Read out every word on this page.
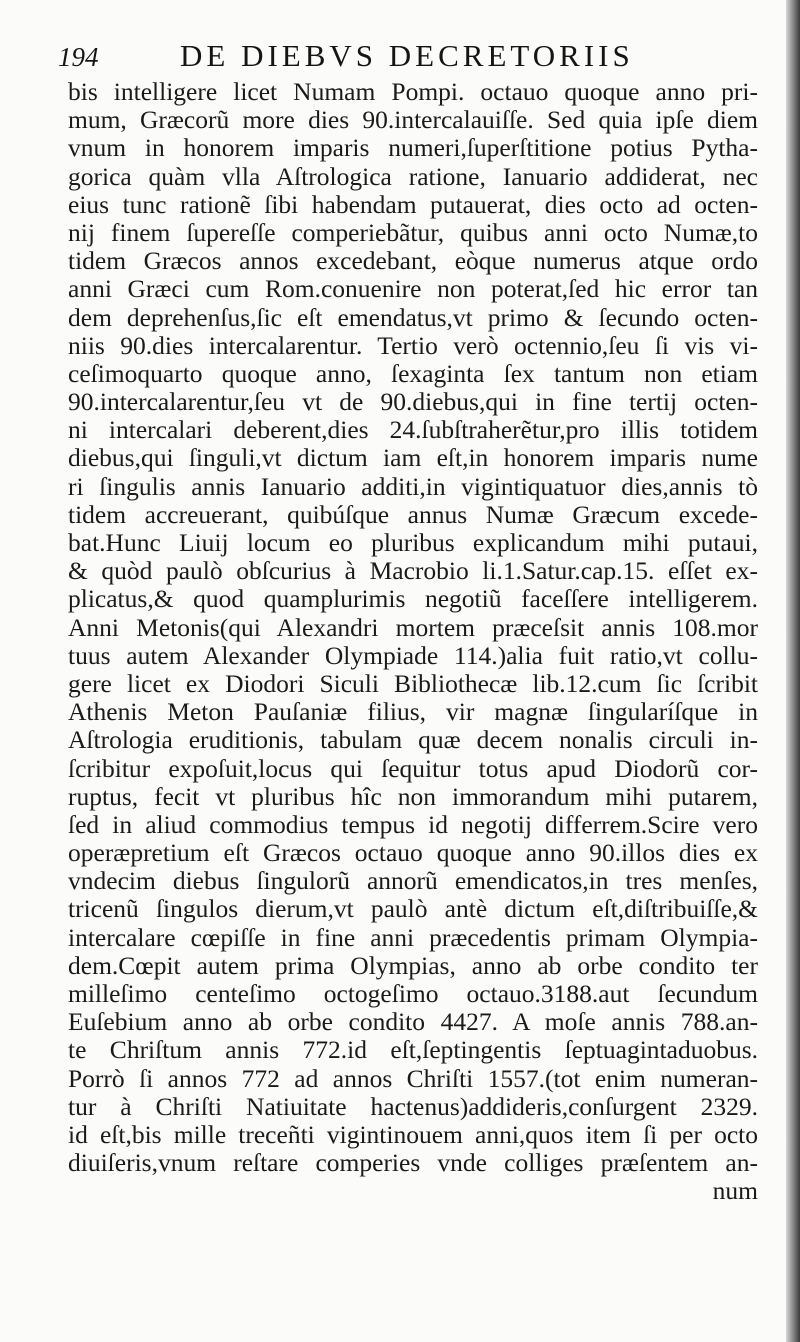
194	DE DIEBVS DECRETORIIS
bis intelligere licet Numam Pompi. octauo quoque anno pri-
mum, Græcorũ more dies 90.intercalauiſſe. Sed quia ipſe diem
vnum in honorem imparis numeri,ſuperſtitione potius Pytha-
gorica quàm vlla Aſtrologica ratione, Ianuario addiderat, nec
eius tunc rationẽ ſibi habendam putauerat, dies octo ad octen-
nij finem ſupereſſe comperiebãtur, quibus anni octo Numæ,to
tidem Græcos annos excedebant, eòque numerus atque ordo
anni Græci cum Rom.conuenire non poterat,ſed hic error tan
dem deprehenſus,ſic eſt emendatus,vt primo & ſecundo octen-
niis 90.dies intercalarentur. Tertio verò octennio,ſeu ſi vis vi-
ceſimoquarto quoque anno, ſexaginta ſex tantum non etiam
90.intercalarentur,ſeu vt de 90.diebus,qui in fine tertij octen-
ni intercalari deberent,dies 24.ſubſtraherẽtur,pro illis totidem
diebus,qui ſinguli,vt dictum iam eſt,in honorem imparis nume
ri ſingulis annis Ianuario additi,in vigintiquatuor dies,annis tò
tidem accreuerant, quibúſque annus Numæ Græcum excede-
bat.Hunc Liuij locum eo pluribus explicandum mihi putaui,
& quòd paulò obſcurius à Macrobio li.1.Satur.cap.15. eſſet ex-
plicatus,& quod quamplurimis negotiũ faceſſere intelligerem.
Anni Metonis(qui Alexandri mortem præceſsit annis 108.mor
tuus autem Alexander Olympiade 114.)alia fuit ratio,vt collu-
gere licet ex Diodori Siculi Bibliothecæ lib.12.cum ſic ſcribit
Athenis Meton Pauſaniæ filius, vir magnæ ſingularíſque in
Aſtrologia eruditionis, tabulam quæ decem nonalis circuli in-
ſcribitur expoſuit,locus qui ſequitur totus apud Diodorũ cor-
ruptus, fecit vt pluribus hîc non immorandum mihi putarem,
ſed in aliud commodius tempus id negotij differrem.Scire vero
operæpretium eſt Græcos octauo quoque anno 90.illos dies ex
vndecim diebus ſingulorũ annorũ emendicatos,in tres menſes,
tricenũ ſingulos dierum,vt paulò antè dictum eſt,diſtribuiſſe,&
intercalare cœpiſſe in fine anni præcedentis primam Olympia-
dem.Cœpit autem prima Olympias, anno ab orbe condito ter
milleſimo centeſimo octogeſimo octauo.3188.aut ſecundum
Euſebium anno ab orbe condito 4427. A moſe annis 788.an-
te Chriſtum annis 772.id eſt,ſeptingentis ſeptuagintaduobus.
Porrò ſi annos 772 ad annos Chriſti 1557.(tot enim numeran-
tur à Chriſti Natiuitate hactenus)addideris,conſurgent 2329.
id eſt,bis mille treceñti vigintinouem anni,quos item ſi per octo
diuiſeris,vnum reſtare comperies vnde colliges præſentem an-
num
